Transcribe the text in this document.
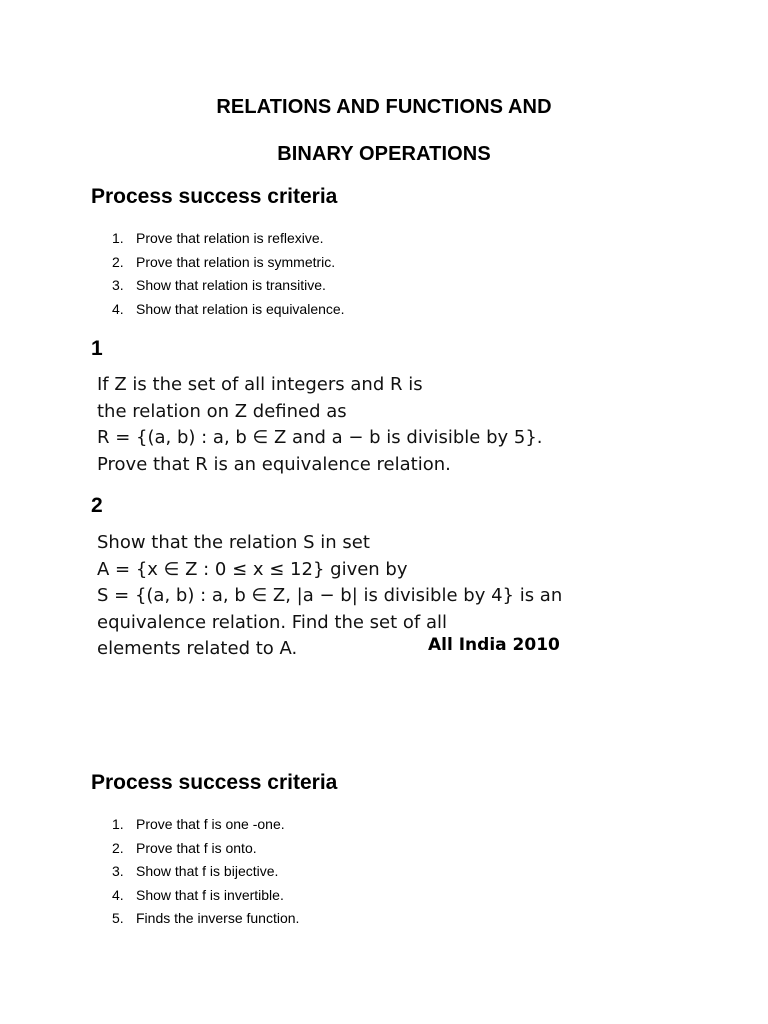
RELATIONS AND FUNCTIONS AND
BINARY OPERATIONS
Process success criteria
1. Prove that relation is reflexive.
2. Prove that relation is symmetric.
3. Show that relation is transitive.
4. Show that relation is equivalence.
1
If Z is the set of all integers and R is
the relation on Z defined as
R = {(a, b) : a, b ∈ Z and a − b is divisible by 5}.
Prove that R is an equivalence relation.
2
Show that the relation S in set
A = {x ∈ Z : 0 ≤ x ≤ 12} given by
S = {(a, b) : a, b ∈ Z, |a − b| is divisible by 4} is an
equivalence relation. Find the set of all
elements related to A.	All India 2010
Process success criteria
1. Prove that f is one -one.
2. Prove that f is onto.
3. Show that f is bijective.
4. Show that f is invertible.
5. Finds the inverse function.
